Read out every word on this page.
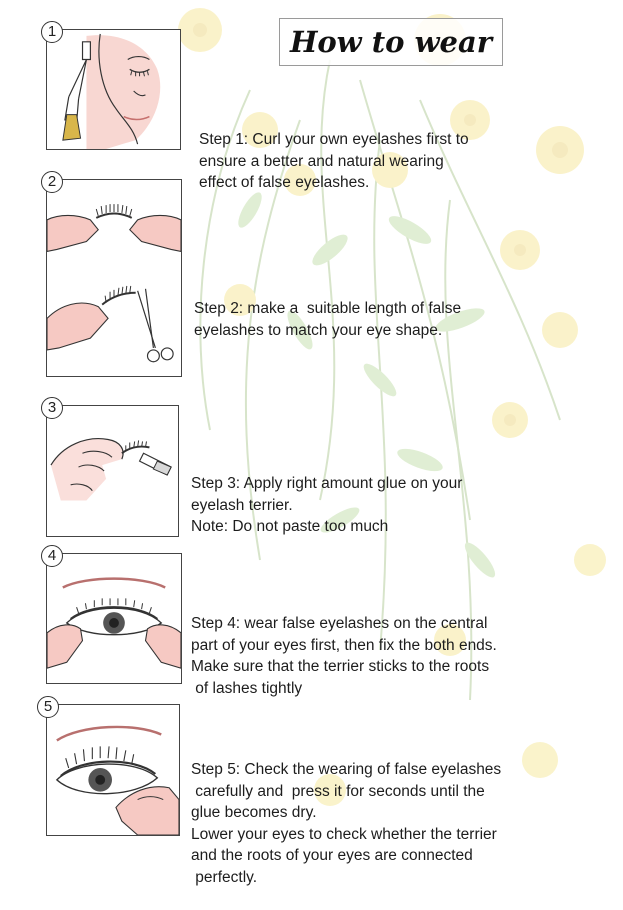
How to wear
1

Step 1: Curl your own eyelashes first to
ensure a better and natural wearing
effect of false eyelashes.

2

Step 2: make a  suitable length of false
eyelashes to match your eye shape.

3

Step 3: Apply right amount glue on your
eyelash terrier.
Note: Do not paste too much

4

Step 4: wear false eyelashes on the central
part of your eyes first, then fix the both ends.
Make sure that the terrier sticks to the roots
of lashes tightly

5

Step 5: Check the wearing of false eyelashes
carefully and  press it for seconds until the
glue becomes dry.
Lower your eyes to check whether the terrier
and the roots of your eyes are connected
perfectly.
